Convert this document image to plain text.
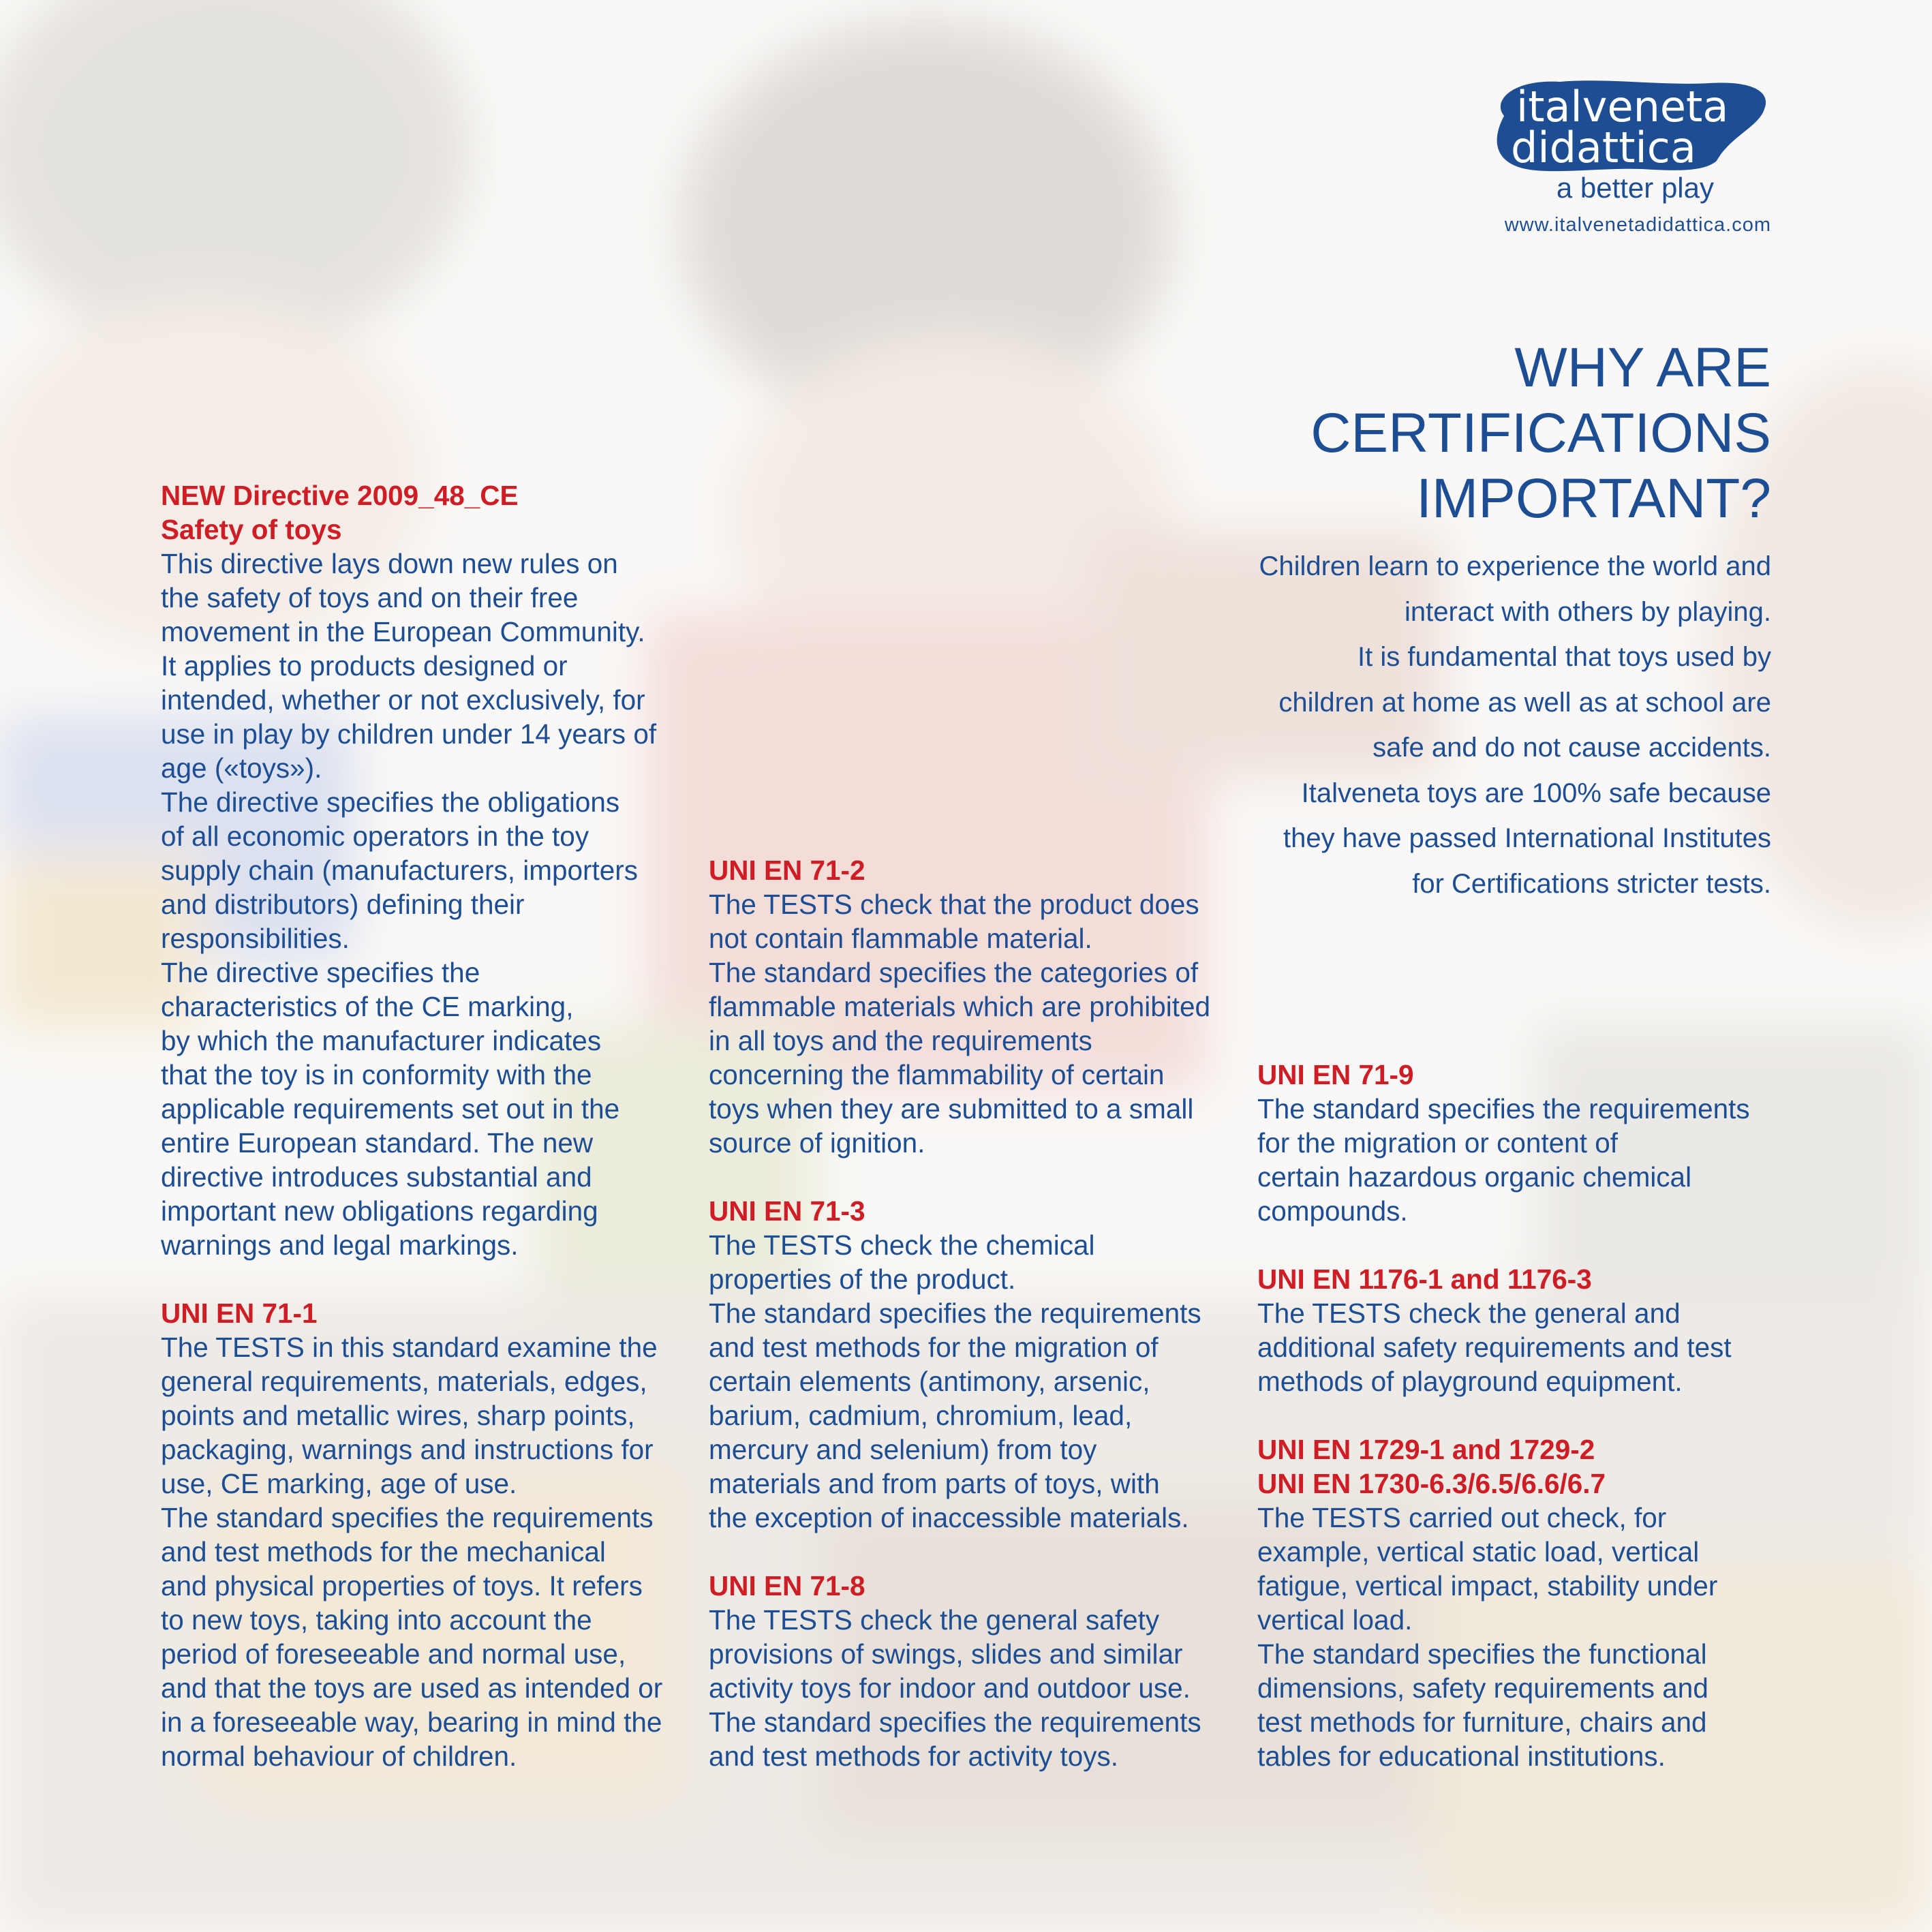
italveneta
didattica
a better play
www.italvenetadidattica.com
WHY ARE
CERTIFICATIONS
IMPORTANT?
Children learn to experience the world and
interact with others by playing.
It is fundamental that toys used by
children at home as well as at school are
safe and do not cause accidents.
Italveneta toys are 100% safe because
they have passed International Institutes
for Certifications stricter tests.
NEW Directive 2009_48_CE
Safety of toys
This directive lays down new rules on
the safety of toys and on their free
movement in the European Community.
It applies to products designed or
intended, whether or not exclusively, for
use in play by children under 14 years of
age («toys»).
The directive specifies the obligations
of all economic operators in the toy
supply chain (manufacturers, importers
and distributors) defining their
responsibilities.
The directive specifies the
characteristics of the CE marking,
by which the manufacturer indicates
that the toy is in conformity with the
applicable requirements set out in the
entire European standard. The new
directive introduces substantial and
important new obligations regarding
warnings and legal markings.
UNI EN 71-1
The TESTS in this standard examine the
general requirements, materials, edges,
points and metallic wires, sharp points,
packaging, warnings and instructions for
use, CE marking, age of use.
The standard specifies the requirements
and test methods for the mechanical
and physical properties of toys. It refers
to new toys, taking into account the
period of foreseeable and normal use,
and that the toys are used as intended or
in a foreseeable way, bearing in mind the
normal behaviour of children.
UNI EN 71-2
The TESTS check that the product does
not contain flammable material.
The standard specifies the categories of
flammable materials which are prohibited
in all toys and the requirements
concerning the flammability of certain
toys when they are submitted to a small
source of ignition.
UNI EN 71-3
The TESTS check the chemical
properties of the product.
The standard specifies the requirements
and test methods for the migration of
certain elements (antimony, arsenic,
barium, cadmium, chromium, lead,
mercury and selenium) from toy
materials and from parts of toys, with
the exception of inaccessible materials.
UNI EN 71-8
The TESTS check the general safety
provisions of swings, slides and similar
activity toys for indoor and outdoor use.
The standard specifies the requirements
and test methods for activity toys.
UNI EN 71-9
The standard specifies the requirements
for the migration or content of
certain hazardous organic chemical
compounds.
UNI EN 1176-1 and 1176-3
The TESTS check the general and
additional safety requirements and test
methods of playground equipment.
UNI EN 1729-1 and 1729-2
UNI EN 1730-6.3/6.5/6.6/6.7
The TESTS carried out check, for
example, vertical static load, vertical
fatigue, vertical impact, stability under
vertical load.
The standard specifies the functional
dimensions, safety requirements and
test methods for furniture, chairs and
tables for educational institutions.
